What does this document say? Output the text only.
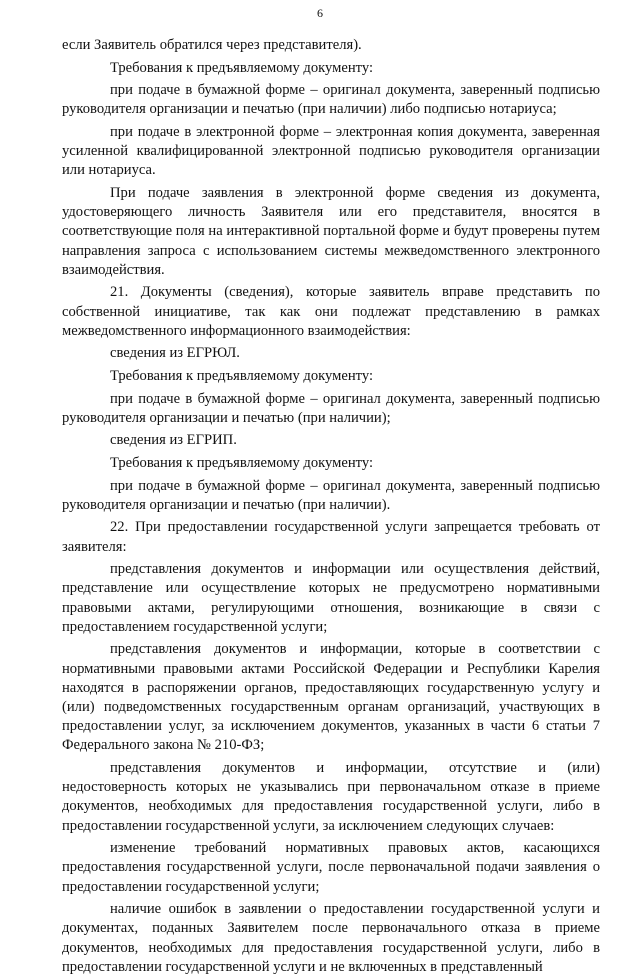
6

если Заявитель обратился через представителя).

Требования к предъявляемому документу:

при подаче в бумажной форме – оригинал документа, заверенный подписью руководителя организации и печатью (при наличии) либо подписью нотариуса;

при подаче в электронной форме – электронная копия документа, заверенная усиленной квалифицированной электронной подписью руководителя организации или нотариуса.

При подаче заявления в электронной форме сведения из документа, удостоверяющего личность Заявителя или его представителя, вносятся в соответствующие поля на интерактивной портальной форме и будут проверены путем направления запроса с использованием системы межведомственного электронного взаимодействия.

21. Документы (сведения), которые заявитель вправе представить по собственной инициативе, так как они подлежат представлению в рамках межведомственного информационного взаимодействия:

сведения из ЕГРЮЛ.

Требования к предъявляемому документу:

при подаче в бумажной форме – оригинал документа, заверенный подписью руководителя организации и печатью (при наличии);

сведения из ЕГРИП.

Требования к предъявляемому документу:

при подаче в бумажной форме – оригинал документа, заверенный подписью руководителя организации и печатью (при наличии).

22. При предоставлении государственной услуги запрещается требовать от заявителя:

представления документов и информации или осуществления действий, представление или осуществление которых не предусмотрено нормативными правовыми актами, регулирующими отношения, возникающие в связи с предоставлением государственной услуги;

представления документов и информации, которые в соответствии с нормативными правовыми актами Российской Федерации и Республики Карелия находятся в распоряжении органов, предоставляющих государственную услугу и (или) подведомственных государственным органам организаций, участвующих в предоставлении услуг, за исключением документов, указанных в части 6 статьи 7 Федерального закона № 210-ФЗ;

представления документов и информации, отсутствие и (или) недостоверность которых не указывались при первоначальном отказе в приеме документов, необходимых для предоставления государственной услуги, либо в предоставлении государственной услуги, за исключением следующих случаев:

изменение требований нормативных правовых актов, касающихся предоставления государственной услуги, после первоначальной подачи заявления о предоставлении государственной услуги;

наличие ошибок в заявлении о предоставлении государственной услуги и документах, поданных Заявителем после первоначального отказа в приеме документов, необходимых для предоставления государственной услуги, либо в предоставлении государственной услуги и не включенных в представленный
